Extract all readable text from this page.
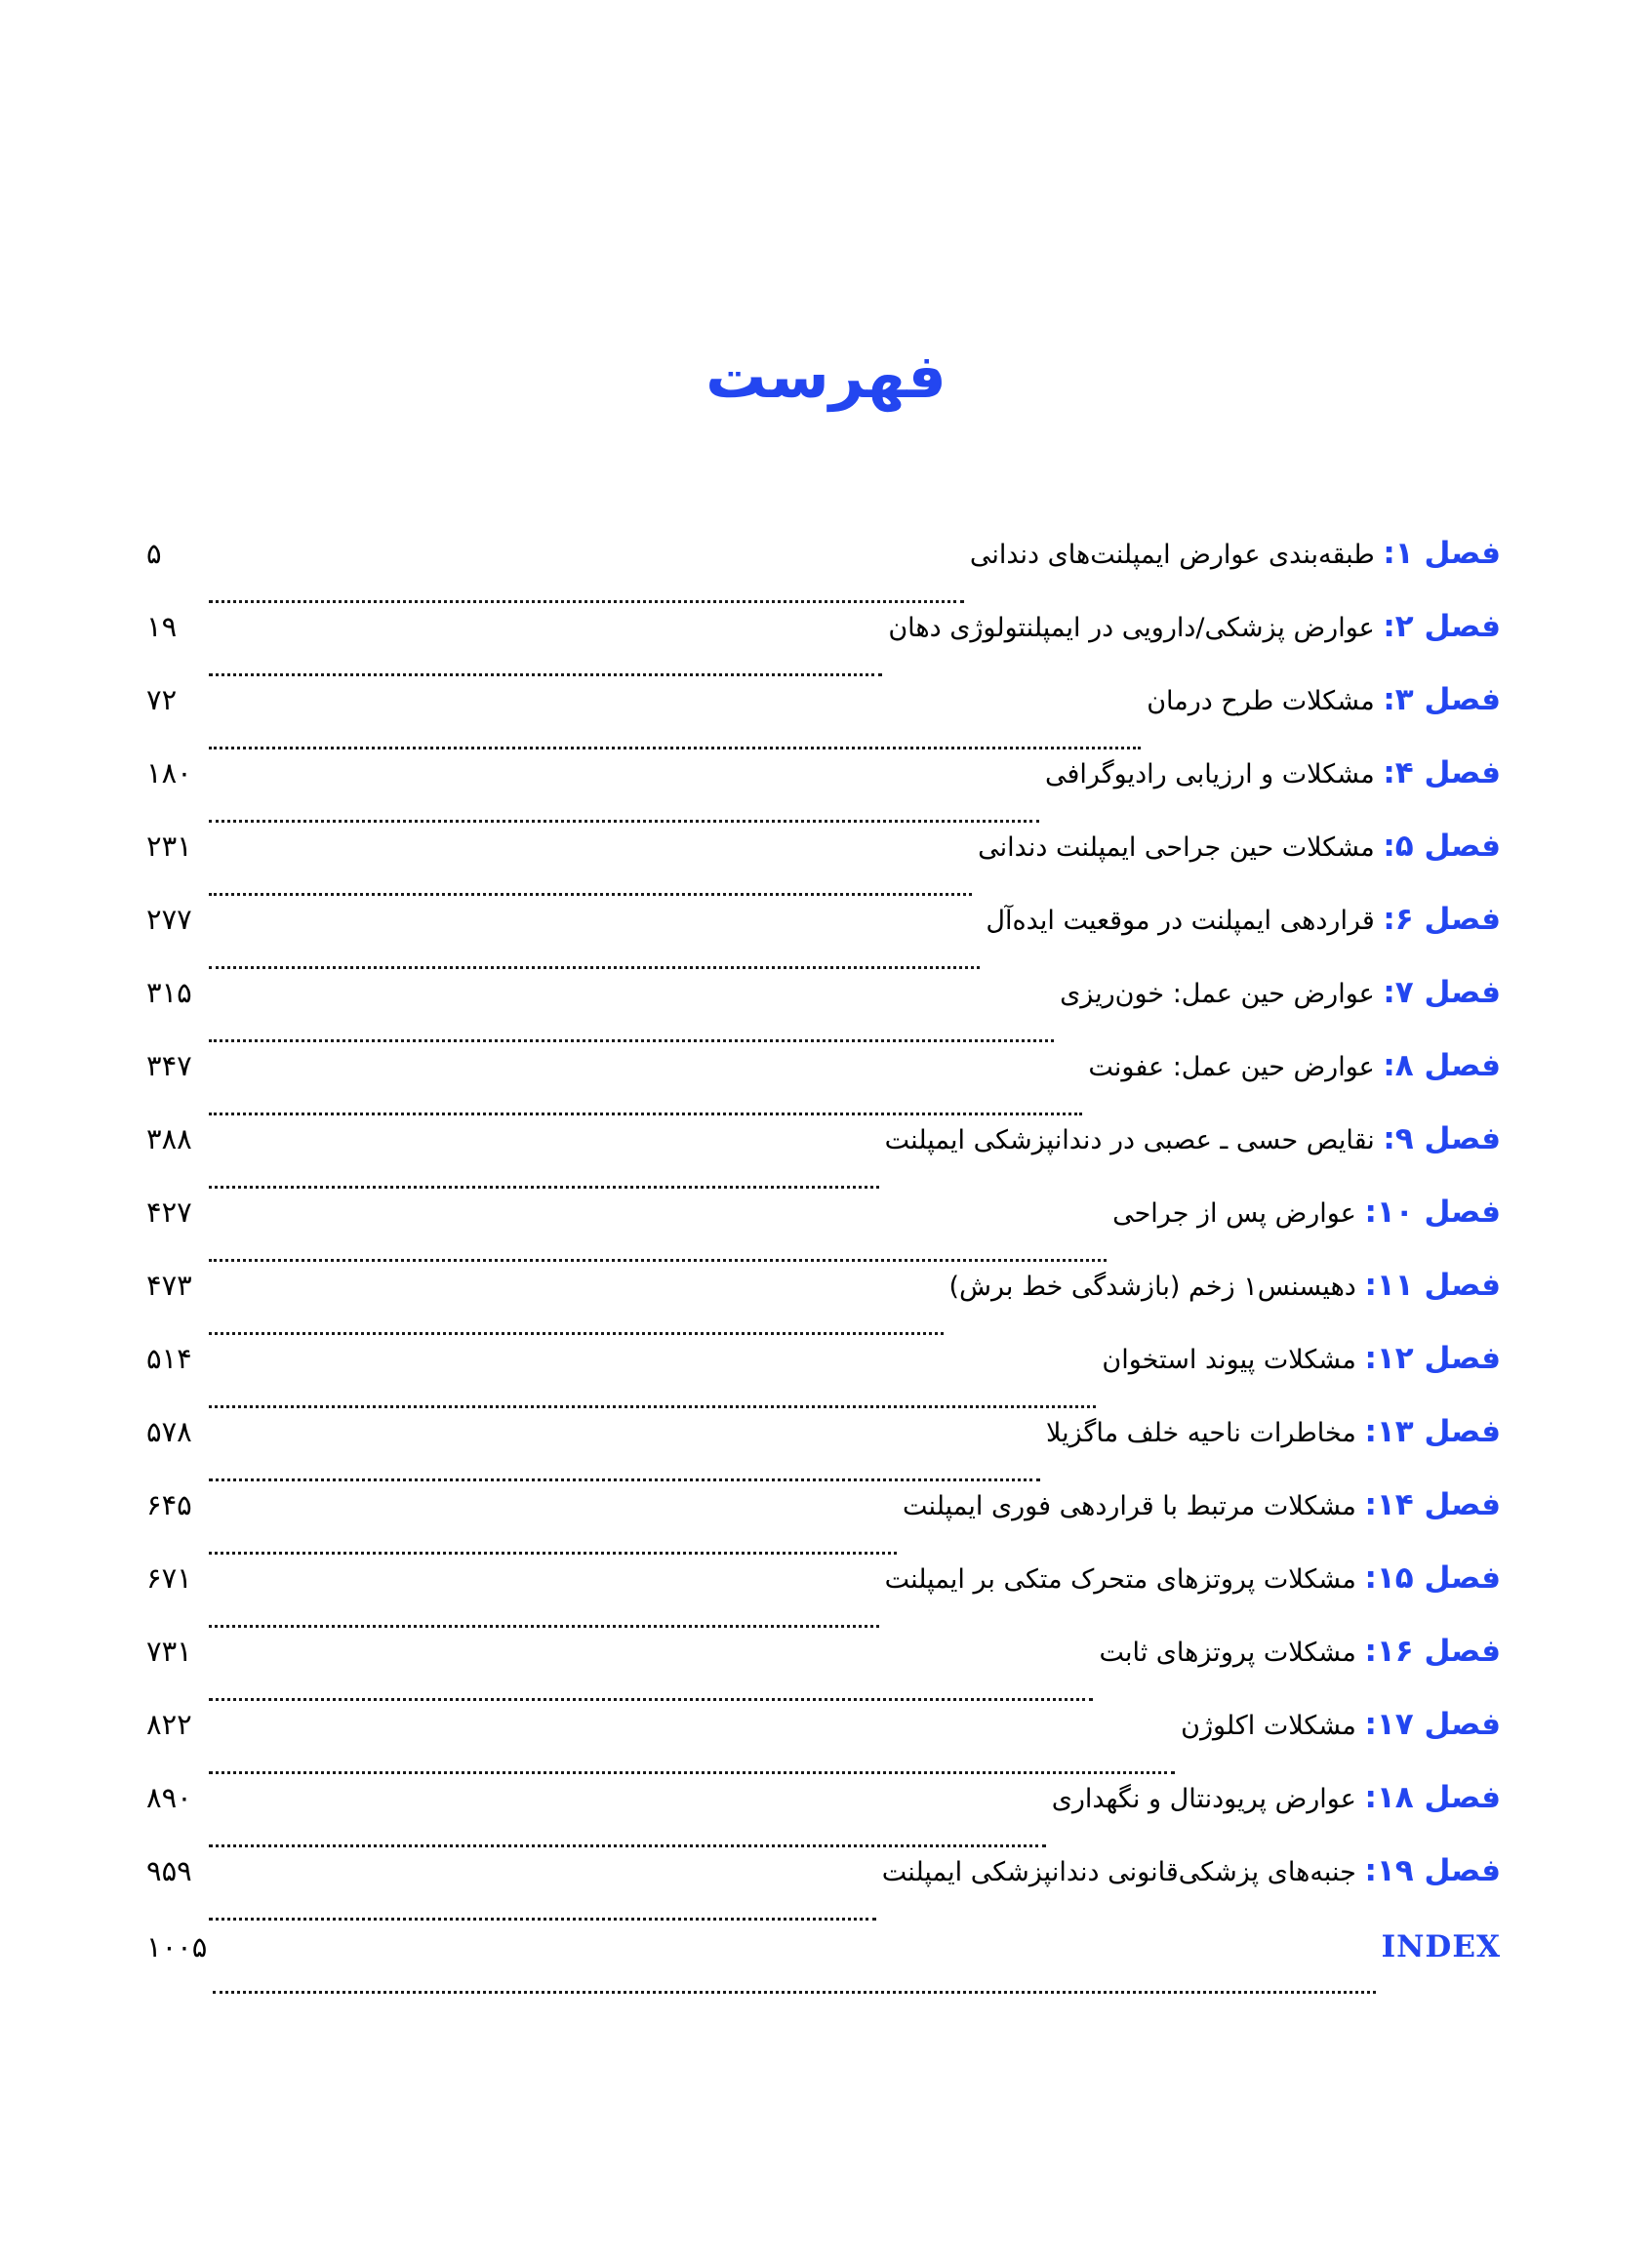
فهرست
فصل ۱: طبقه‌بندی عوارض ایمپلنت‌های دندانی
۵
فصل ۲: عوارض پزشکی/دارویی در ایمپلنتولوژی دهان
۱۹
فصل ۳: مشکلات طرح درمان
۷۲
فصل ۴: مشکلات و ارزیابی رادیوگرافی
۱۸۰
فصل ۵: مشکلات حین جراحی ایمپلنت دندانی
۲۳۱
فصل ۶: قراردهی ایمپلنت در موقعیت ایده‌آل
۲۷۷
فصل ۷: عوارض حین عمل: خون‌ریزی
۳۱۵
فصل ۸: عوارض حین عمل: عفونت
۳۴۷
فصل ۹: نقایص حسی ـ عصبی در دندانپزشکی ایمپلنت
۳۸۸
فصل ۱۰: عوارض پس از جراحی
۴۲۷
فصل ۱۱: دهیسنس۱ زخم (بازشدگی خط برش)
۴۷۳
فصل ۱۲: مشکلات پیوند استخوان
۵۱۴
فصل ۱۳: مخاطرات ناحیه خلف ماگزیلا
۵۷۸
فصل ۱۴: مشکلات مرتبط با قراردهی فوری ایمپلنت
۶۴۵
فصل ۱۵: مشکلات پروتزهای متحرک متکی بر ایمپلنت
۶۷۱
فصل ۱۶: مشکلات پروتزهای ثابت
۷۳۱
فصل ۱۷: مشکلات اکلوژن
۸۲۲
فصل ۱۸: عوارض پریودنتال و نگهداری
۸۹۰
فصل ۱۹: جنبه‌های پزشکی‌قانونی دندانپزشکی ایمپلنت
۹۵۹
INDEX
۱۰۰۵
